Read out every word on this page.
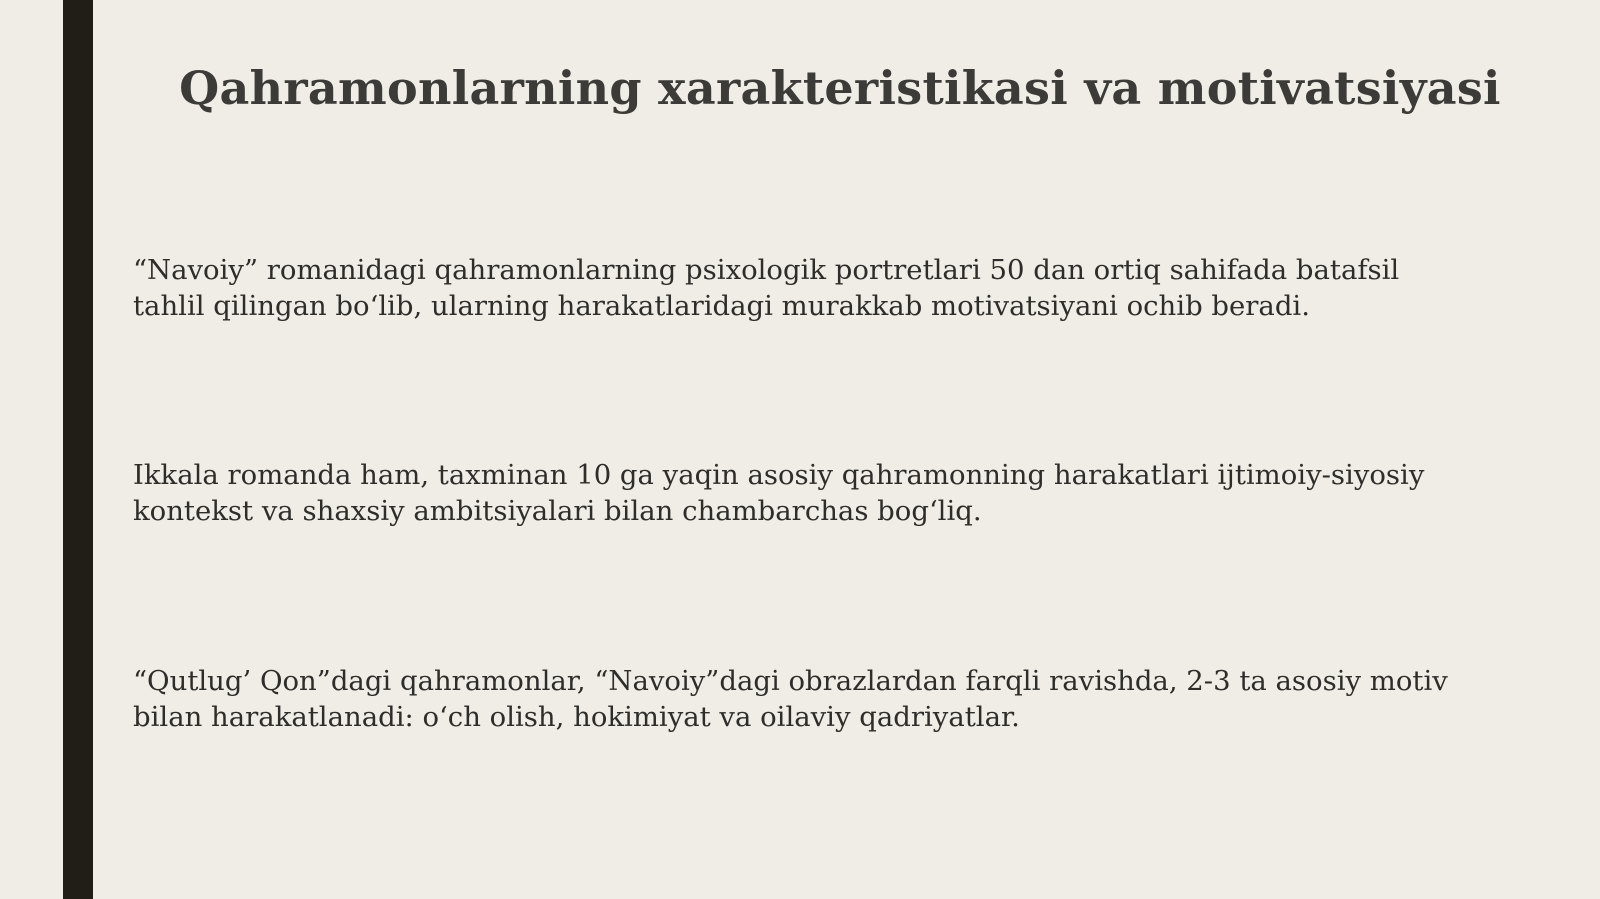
Qahramonlarning xarakteristikasi va motivatsiyasi

“Navoiy” romanidagi qahramonlarning psixologik portretlari 50 dan ortiq sahifada batafsil
tahlil qilingan bo‘lib, ularning harakatlaridagi murakkab motivatsiyani ochib beradi.

Ikkala romanda ham, taxminan 10 ga yaqin asosiy qahramonning harakatlari ijtimoiy-siyosiy
kontekst va shaxsiy ambitsiyalari bilan chambarchas bog‘liq.

“Qutlug’ Qon”dagi qahramonlar, “Navoiy”dagi obrazlardan farqli ravishda, 2-3 ta asosiy motiv
bilan harakatlanadi: o‘ch olish, hokimiyat va oilaviy qadriyatlar.
